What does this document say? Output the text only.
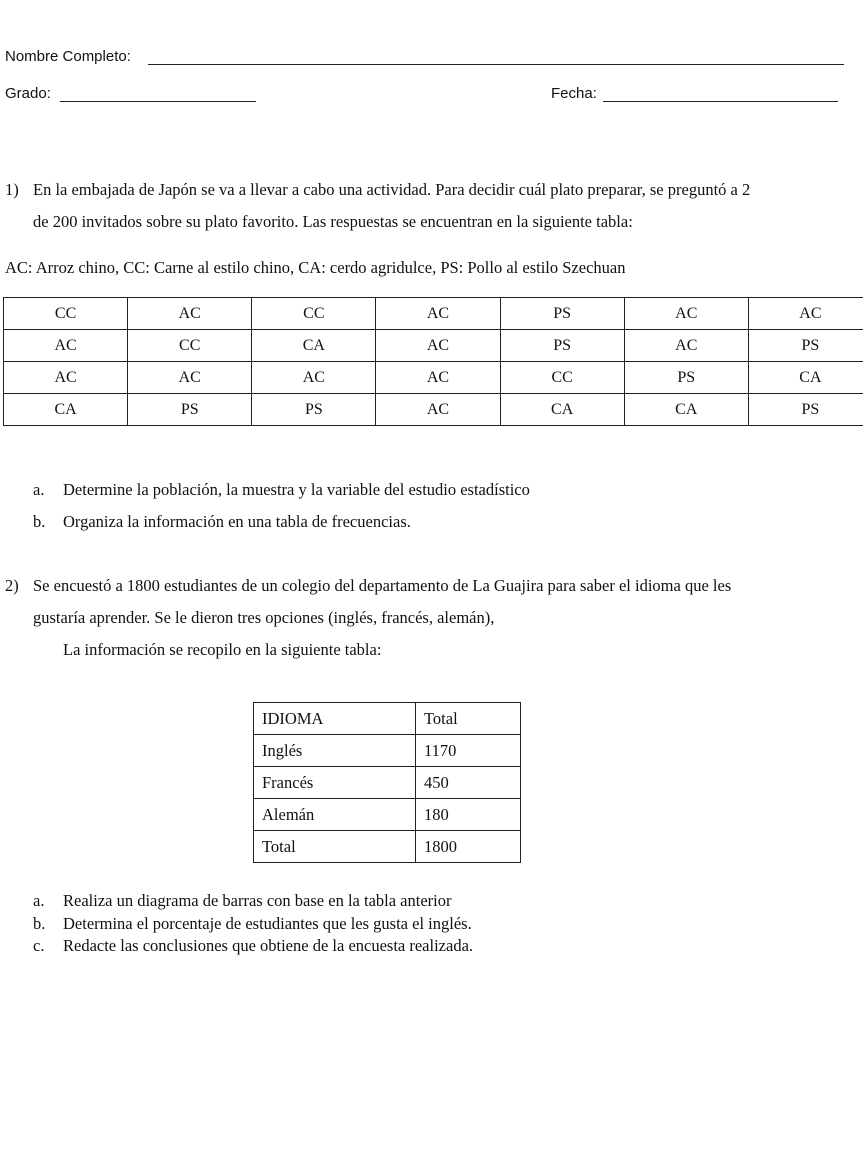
Nombre Completo:
Grado:	Fecha:
1) En la embajada de Japón se va a llevar a cabo una actividad. Para decidir cuál plato preparar, se preguntó a 2
de 200 invitados sobre su plato favorito. Las respuestas se encuentran en la siguiente tabla:
AC: Arroz chino, CC: Carne al estilo chino, CA: cerdo agridulce, PS: Pollo al estilo Szechuan
CC	AC	CC	AC	PS	AC	AC
AC	CC	CA	AC	PS	AC	PS
AC	AC	AC	AC	CC	PS	CA
CA	PS	PS	AC	CA	CA	PS
a. Determine la población, la muestra y la variable del estudio estadístico
b. Organiza la información en una tabla de frecuencias.
2) Se encuestó a 1800 estudiantes de un colegio del departamento de La Guajira para saber el idioma que les
gustaría aprender. Se le dieron tres opciones (inglés, francés, alemán),
La información se recopilo en la siguiente tabla:
IDIOMA	Total
Inglés	1170
Francés	450
Alemán	180
Total	1800
a. Realiza un diagrama de barras con base en la tabla anterior
b. Determina el porcentaje de estudiantes que les gusta el inglés.
c. Redacte las conclusiones que obtiene de la encuesta realizada.
